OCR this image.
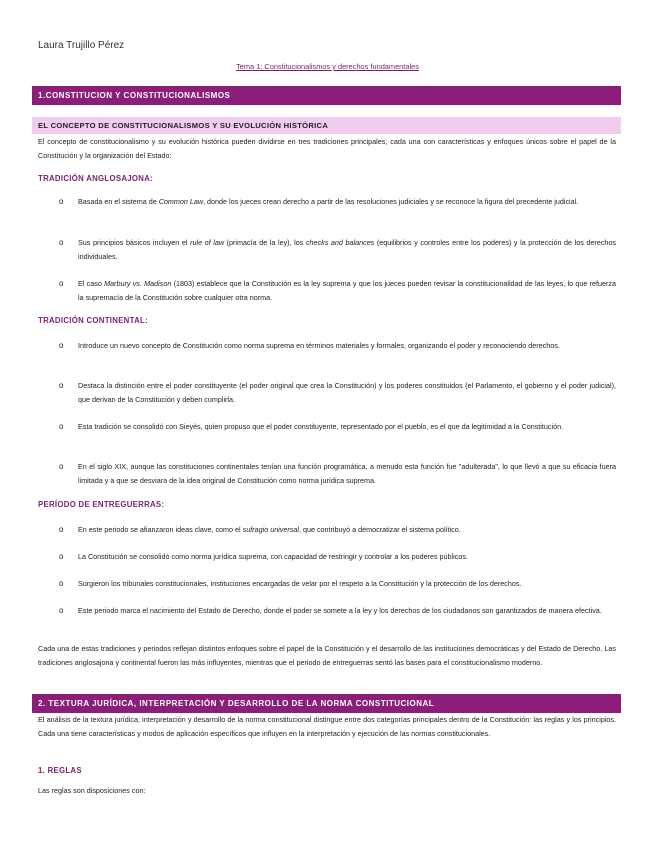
Laura Trujillo Pérez
Tema 1: Constitucionalismos y derechos fundamentales
1.CONSTITUCION Y CONSTITUCIONALISMOS
EL CONCEPTO DE CONSTITUCIONALISMOS Y SU EVOLUCIÓN HISTÓRICA
El concepto de constitucionalismo y su evolución histórica pueden dividirse en tres tradiciones principales, cada una con características y enfoques únicos sobre el papel de la Constitución y la organización del Estado:
TRADICIÓN ANGLOSAJONA:
o Basada en el sistema de Common Law, donde los jueces crean derecho a partir de las resoluciones judiciales y se reconoce la figura del precedente judicial.
o Sus principios básicos incluyen el rule of law (primacía de la ley), los checks and balances (equilibrios y controles entre los poderes) y la protección de los derechos individuales.
o El caso Marbury vs. Madison (1803) establece que la Constitución es la ley suprema y que los jueces pueden revisar la constitucionalidad de las leyes, lo que refuerza la supremacía de la Constitución sobre cualquier otra norma.
TRADICIÓN CONTINENTAL:
o Introduce un nuevo concepto de Constitución como norma suprema en términos materiales y formales, organizando el poder y reconociendo derechos.
o Destaca la distinción entre el poder constituyente (el poder original que crea la Constitución) y los poderes constituidos (el Parlamento, el gobierno y el poder judicial), que derivan de la Constitución y deben cumplirla.
o Esta tradición se consolidó con Sieyès, quien propuso que el poder constituyente, representado por el pueblo, es el que da legitimidad a la Constitución.
o En el siglo XIX, aunque las constituciones continentales tenían una función programática, a menudo esta función fue "adulterada", lo que llevó a que su eficacia fuera limitada y a que se desviara de la idea original de Constitución como norma jurídica suprema.
PERÍODO DE ENTREGUERRAS:
o En este periodo se afianzaron ideas clave, como el sufragio universal, que contribuyó a democratizar el sistema político.
o La Constitución se consolidó como norma jurídica suprema, con capacidad de restringir y controlar a los poderes públicos.
o Surgieron los tribunales constitucionales, instituciones encargadas de velar por el respeto a la Constitución y la protección de los derechos.
o Este periodo marca el nacimiento del Estado de Derecho, donde el poder se somete a la ley y los derechos de los ciudadanos son garantizados de manera efectiva.
Cada una de estas tradiciones y periodos reflejan distintos enfoques sobre el papel de la Constitución y el desarrollo de las instituciones democráticas y del Estado de Derecho. Las tradiciones anglosajona y continental fueron las más influyentes, mientras que el periodo de entreguerras sentó las bases para el constitucionalismo moderno.
2. TEXTURA JURÍDICA, INTERPRETACIÓN Y DESARROLLO DE LA NORMA CONSTITUCIONAL
El análisis de la textura jurídica, interpretación y desarrollo de la norma constitucional distingue entre dos categorías principales dentro de la Constitución: las reglas y los principios. Cada una tiene características y modos de aplicación específicos que influyen en la interpretación y ejecución de las normas constitucionales.
1. REGLAS
Las reglas son disposiciones con:
